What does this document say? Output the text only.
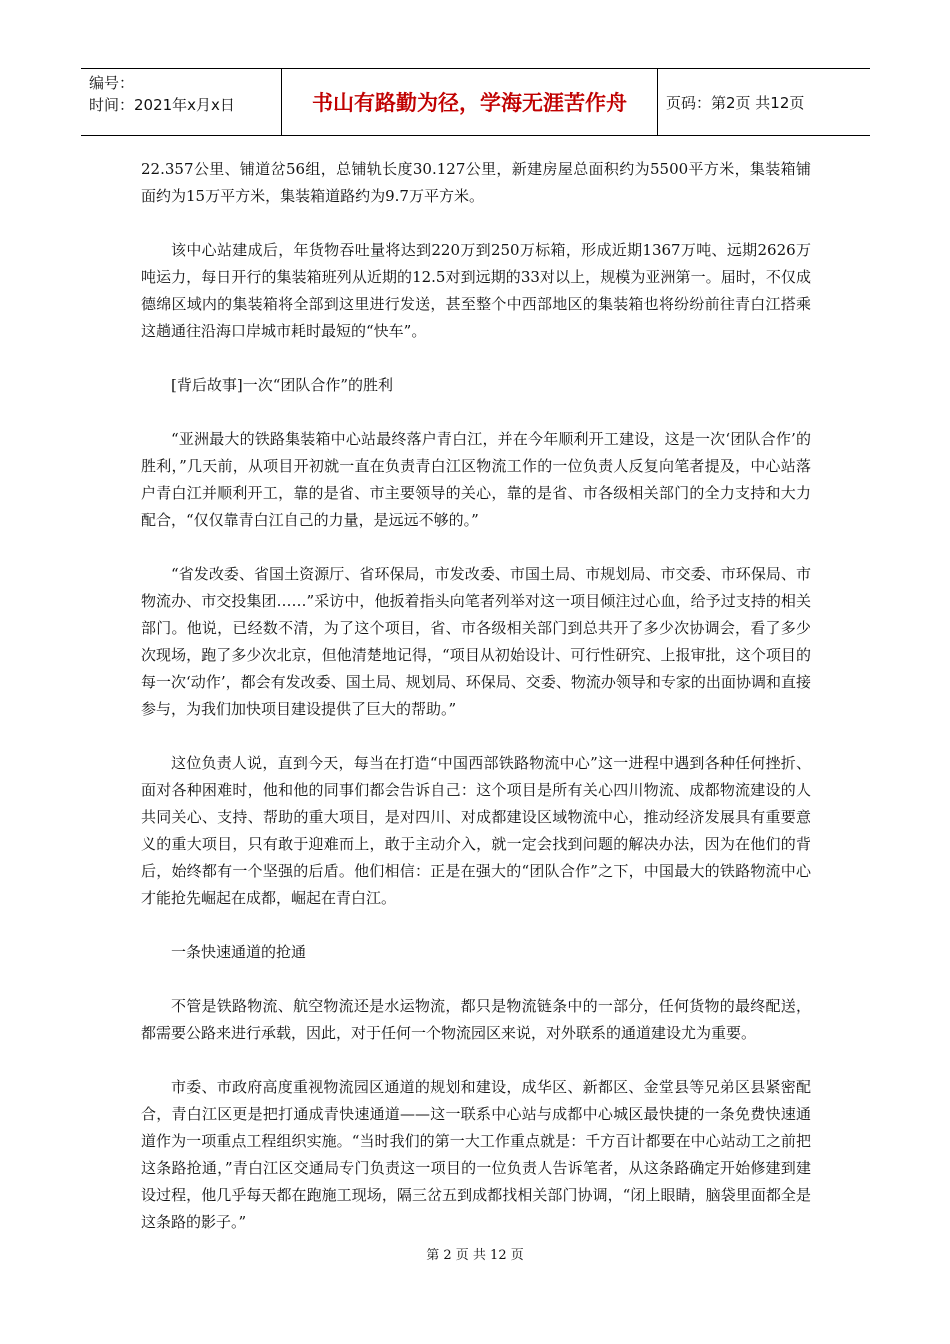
编号：
时间：2021年x月x日	书山有路勤为径，学海无涯苦作舟	页码：第2页 共12页

22.357公里、铺道岔56组，总铺轨长度30.127公里，新建房屋总面积约为5500平方米，集装箱铺面约为15万平方米，集装箱道路约为9.7万平方米。

该中心站建成后，年货物吞吐量将达到220万到250万标箱，形成近期1367万吨、远期2626万吨运力，每日开行的集装箱班列从近期的12.5对到远期的33对以上，规模为亚洲第一。届时，不仅成德绵区域内的集装箱将全部到这里进行发送，甚至整个中西部地区的集装箱也将纷纷前往青白江搭乘这趟通往沿海口岸城市耗时最短的“快车”。

[背后故事]一次“团队合作”的胜利

“亚洲最大的铁路集装箱中心站最终落户青白江，并在今年顺利开工建设，这是一次‘团队合作’的胜利，”几天前，从项目开初就一直在负责青白江区物流工作的一位负责人反复向笔者提及，中心站落户青白江并顺利开工，靠的是省、市主要领导的关心，靠的是省、市各级相关部门的全力支持和大力配合，“仅仅靠青白江自己的力量，是远远不够的。”

“省发改委、省国土资源厅、省环保局，市发改委、市国土局、市规划局、市交委、市环保局、市物流办、市交投集团……”采访中，他扳着指头向笔者列举对这一项目倾注过心血，给予过支持的相关部门。他说，已经数不清，为了这个项目，省、市各级相关部门到总共开了多少次协调会，看了多少次现场，跑了多少次北京，但他清楚地记得，“项目从初始设计、可行性研究、上报审批，这个项目的每一次‘动作’，都会有发改委、国土局、规划局、环保局、交委、物流办领导和专家的出面协调和直接参与，为我们加快项目建设提供了巨大的帮助。”

这位负责人说，直到今天，每当在打造“中国西部铁路物流中心”这一进程中遇到各种任何挫折、面对各种困难时，他和他的同事们都会告诉自己：这个项目是所有关心四川物流、成都物流建设的人共同关心、支持、帮助的重大项目，是对四川、对成都建设区域物流中心，推动经济发展具有重要意义的重大项目，只有敢于迎难而上，敢于主动介入，就一定会找到问题的解决办法，因为在他们的背后，始终都有一个坚强的后盾。他们相信：正是在强大的“团队合作”之下，中国最大的铁路物流中心才能抢先崛起在成都，崛起在青白江。

一条快速通道的抢通

不管是铁路物流、航空物流还是水运物流，都只是物流链条中的一部分，任何货物的最终配送，都需要公路来进行承载，因此，对于任何一个物流园区来说，对外联系的通道建设尤为重要。

市委、市政府高度重视物流园区通道的规划和建设，成华区、新都区、金堂县等兄弟区县紧密配合，青白江区更是把打通成青快速通道——这一联系中心站与成都中心城区最快捷的一条免费快速通道作为一项重点工程组织实施。“当时我们的第一大工作重点就是：千方百计都要在中心站动工之前把这条路抢通，”青白江区交通局专门负责这一项目的一位负责人告诉笔者，从这条路确定开始修建到建设过程，他几乎每天都在跑施工现场，隔三岔五到成都找相关部门协调，“闭上眼睛，脑袋里面都全是这条路的影子。”

第 2 页 共 12 页
